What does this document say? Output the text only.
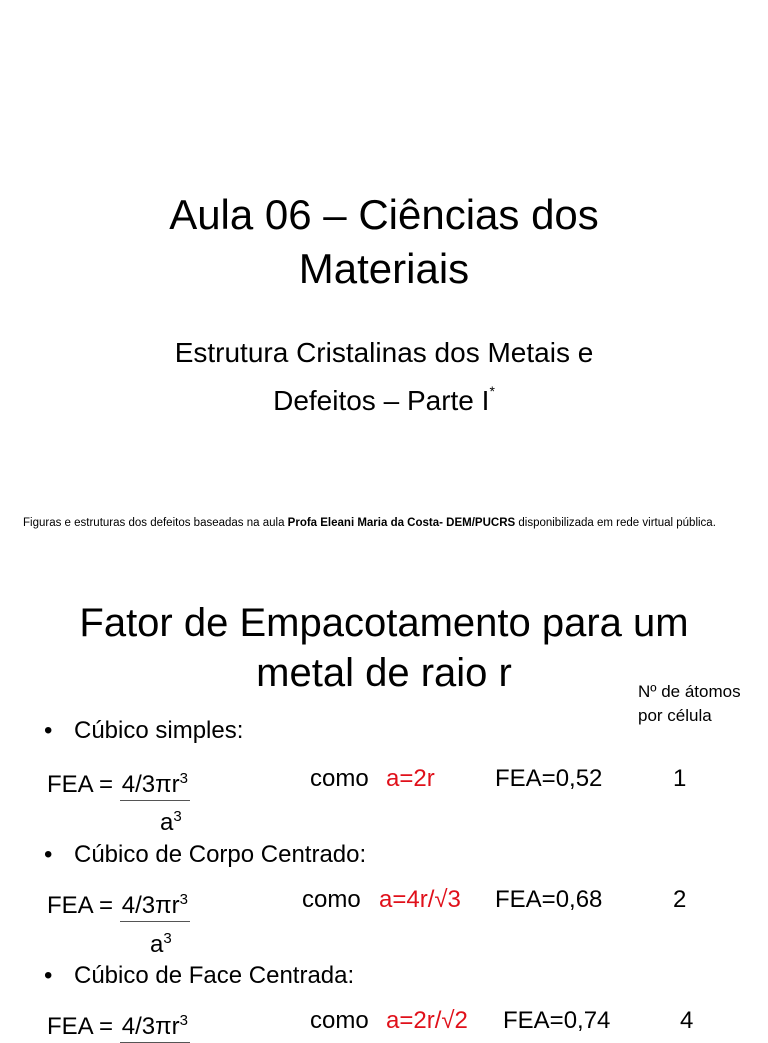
Aula 06 – Ciências dos
Materiais
Estrutura Cristalinas dos Metais e
Defeitos – Parte I*
Figuras e estruturas dos defeitos baseadas na aula Profa Eleani Maria da Costa- DEM/PUCRS disponibilizada em rede virtual pública.
Fator de Empacotamento para um
metal de raio r	Nº de átomos
por célula
• Cúbico simples:
FEA = $4/3\pi r^3$
$a^3$
como a=2r	FEA=0,52	1
• Cúbico de Corpo Centrado:
FEA = $4/3\pi r^3$
$a^3$
como a=4r/√3 FEA=0,68	2
• Cúbico de Face Centrada:
FEA = $4/3\pi r^3$	como a=2r/√2 FEA=0,74	4
